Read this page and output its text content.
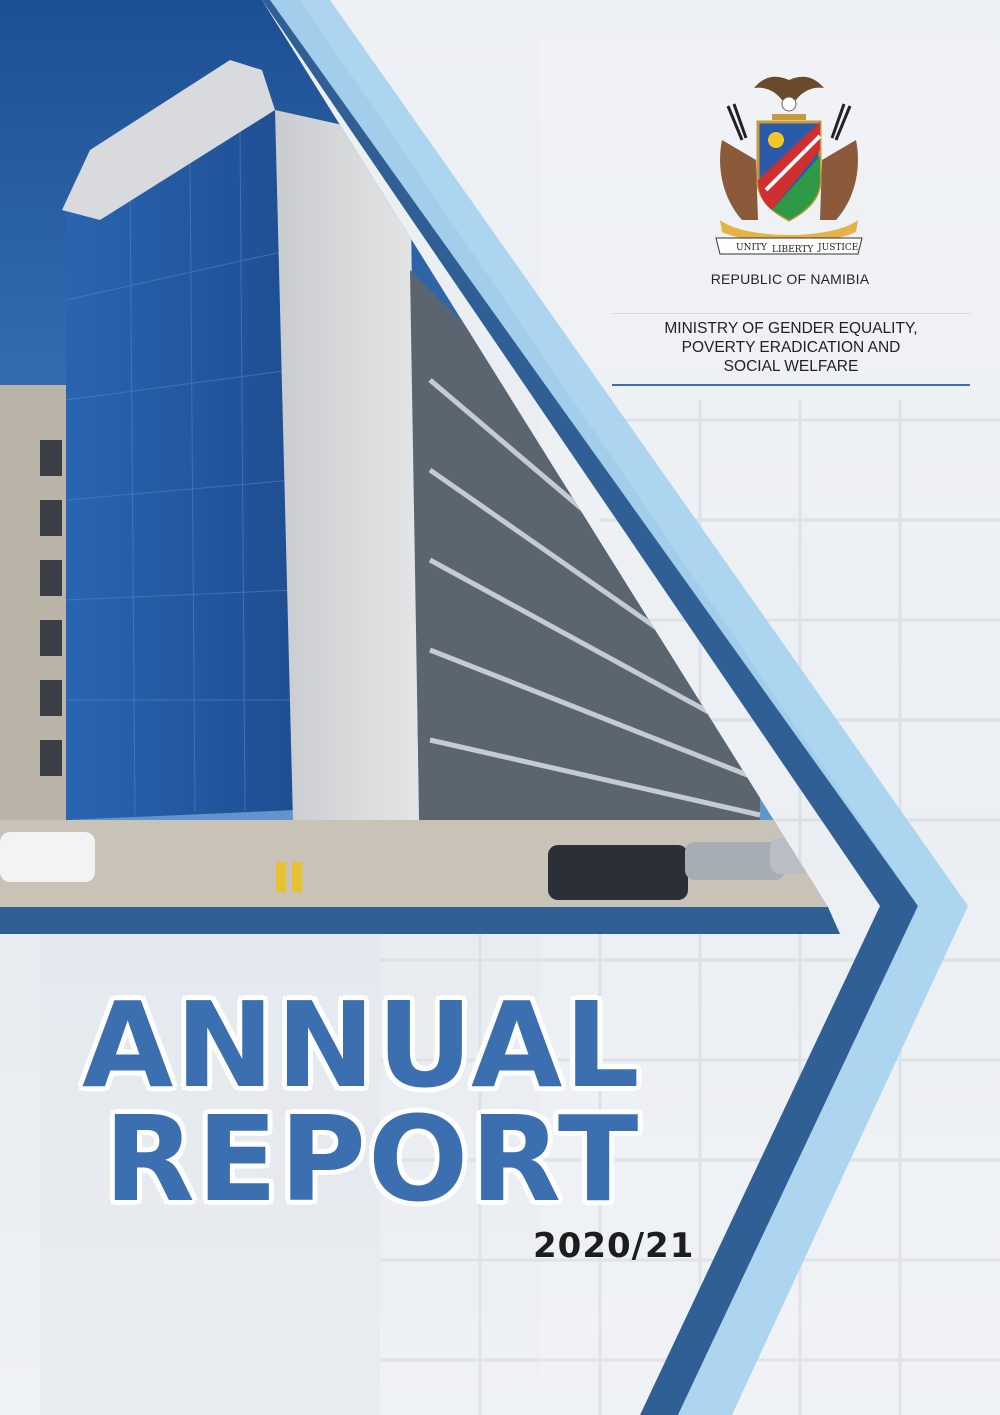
UNITY LIBERTY JUSTICE
REPUBLIC OF NAMIBIA
MINISTRY OF GENDER EQUALITY,
POVERTY ERADICATION AND
SOCIAL WELFARE
ANNUAL
REPORT
2020/21
